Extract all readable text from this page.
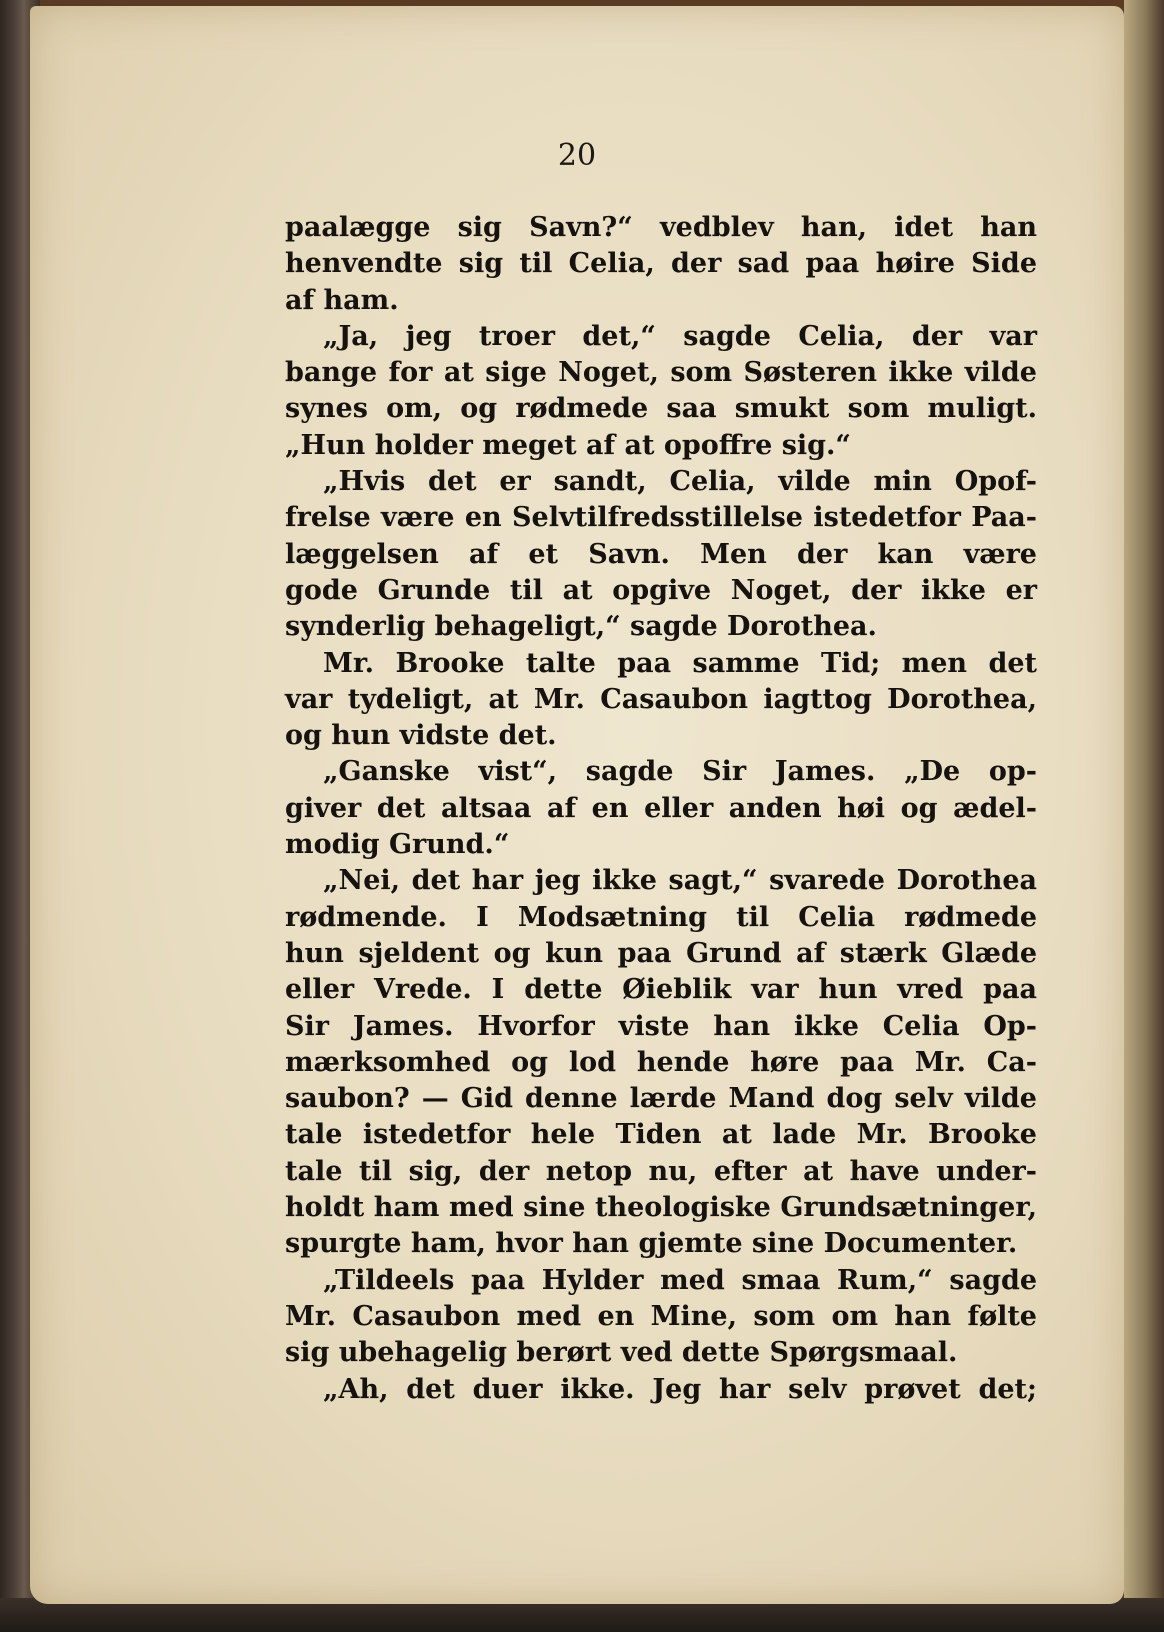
20
paalægge sig Savn?“ vedblev han, idet han
henvendte sig til Celia, der sad paa høire Side
af ham.
„Ja, jeg troer det,“ sagde Celia, der var
bange for at sige Noget, som Søsteren ikke vilde
synes om, og rødmede saa smukt som muligt.
„Hun holder meget af at opoffre sig.“
„Hvis det er sandt, Celia, vilde min Opof-
frelse være en Selvtilfredsstillelse istedetfor Paa-
læggelsen af et Savn. Men der kan være
gode Grunde til at opgive Noget, der ikke er
synderlig behageligt,“ sagde Dorothea.
Mr. Brooke talte paa samme Tid; men det
var tydeligt, at Mr. Casaubon iagttog Dorothea,
og hun vidste det.
„Ganske vist“, sagde Sir James. „De op-
giver det altsaa af en eller anden høi og ædel-
modig Grund.“
„Nei, det har jeg ikke sagt,“ svarede Dorothea
rødmende. I Modsætning til Celia rødmede
hun sjeldent og kun paa Grund af stærk Glæde
eller Vrede. I dette Øieblik var hun vred paa
Sir James. Hvorfor viste han ikke Celia Op-
mærksomhed og lod hende høre paa Mr. Ca-
saubon? — Gid denne lærde Mand dog selv vilde
tale istedetfor hele Tiden at lade Mr. Brooke
tale til sig, der netop nu, efter at have under-
holdt ham med sine theologiske Grundsætninger,
spurgte ham, hvor han gjemte sine Documenter.
„Tildeels paa Hylder med smaa Rum,“ sagde
Mr. Casaubon med en Mine, som om han følte
sig ubehagelig berørt ved dette Spørgsmaal.
„Ah, det duer ikke. Jeg har selv prøvet det;
